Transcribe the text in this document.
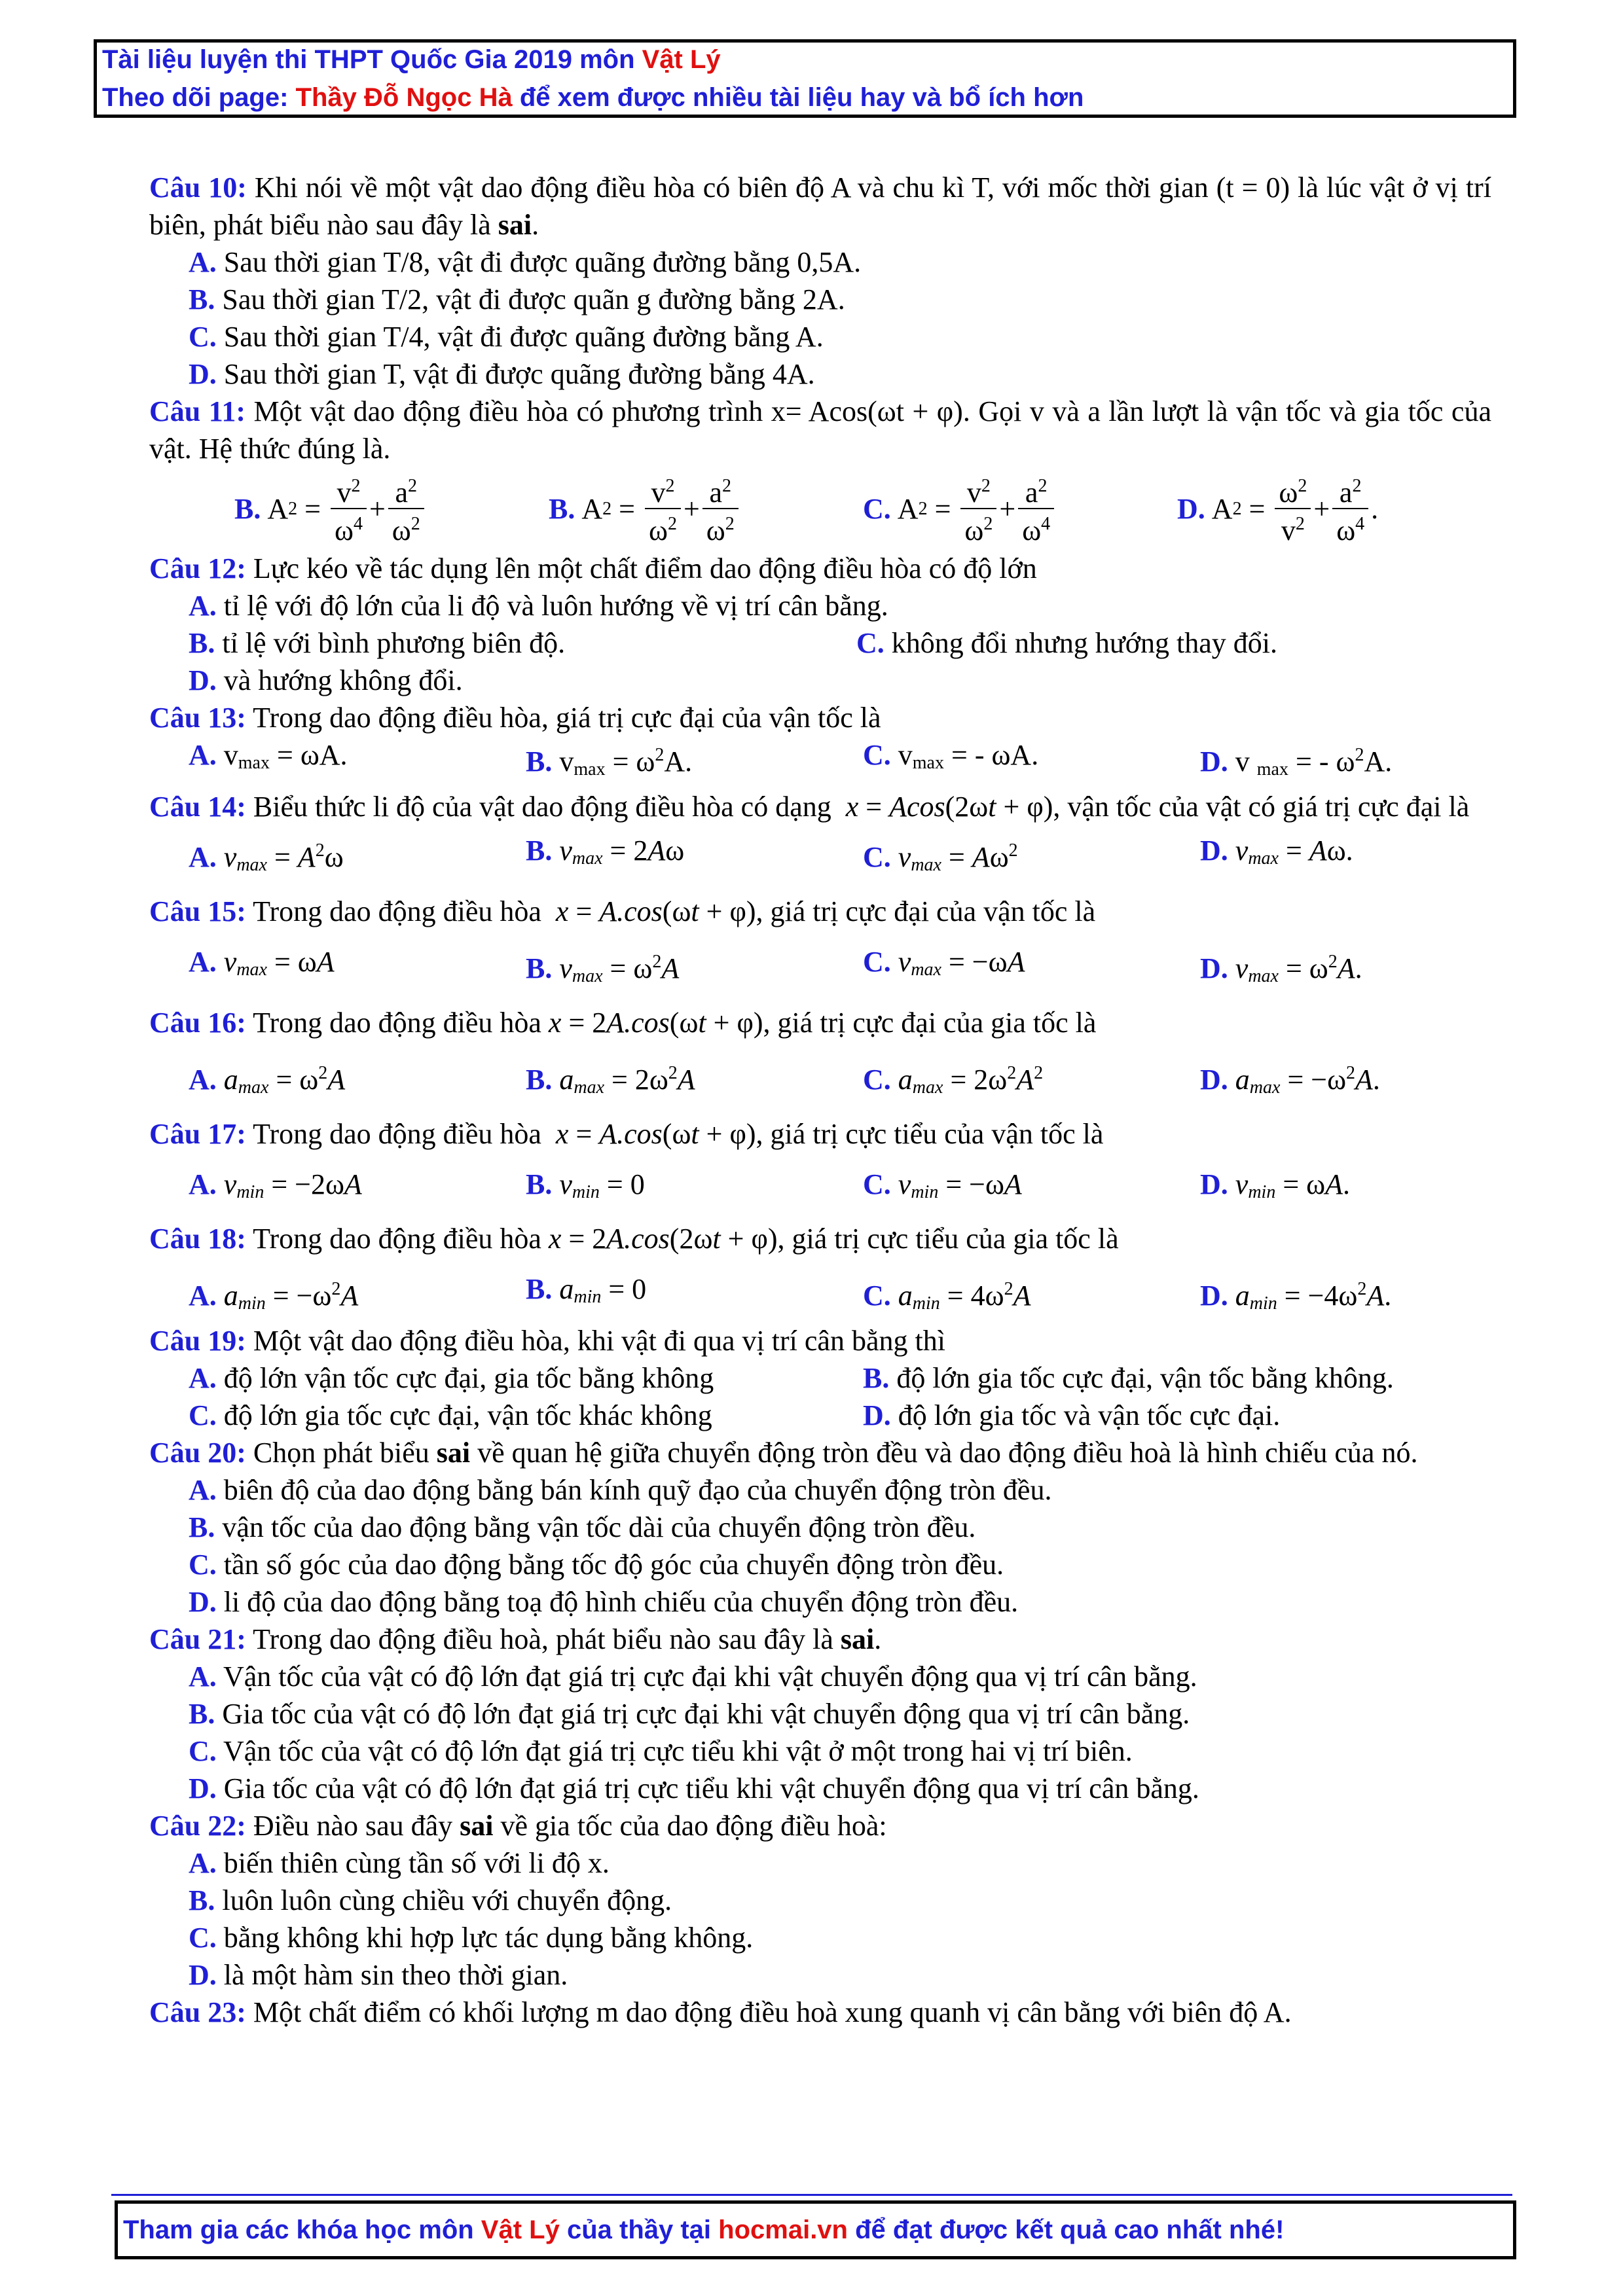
Tài liệu luyện thi THPT Quốc Gia 2019 môn Vật Lý
Theo dõi page: Thầy Đỗ Ngọc Hà để xem được nhiều tài liệu hay và bổ ích hơn

Câu 10: Khi nói về một vật dao động điều hòa có biên độ A và chu kì T, với mốc thời gian (t = 0) là lúc vật ở vị trí biên, phát biểu nào sau đây là sai.

A. Sau thời gian T/8, vật đi được quãng đường bằng 0,5A.

B. Sau thời gian T/2, vật đi được quãn g đường bằng 2A.

C. Sau thời gian T/4, vật đi được quãng đường bằng A.

D. Sau thời gian T, vật đi được quãng đường bằng 4A.

Câu 11: Một vật dao động điều hòa có phương trình x= Acos(ωt + φ). Gọi v và a lần lượt là vận tốc và gia tốc của vật. Hệ thức đúng là.

B. A $2 = \frac{v^2}{\omega^4} + \frac{a^2}{\omega^2}$	B. A $2 = \frac{v^2}{\omega^2} + \frac{a^2}{\omega^2}$	C. A $2 = \frac{v^2}{\omega^2} + \frac{a^2}{\omega^4}$	D. A $2 = \frac{\omega^2}{v^2} + \frac{a^2}{\omega^4}$ .

Câu 12: Lực kéo về tác dụng lên một chất điểm dao động điều hòa có độ lớn

A. tỉ lệ với độ lớn của li độ và luôn hướng về vị trí cân bằng.

B. tỉ lệ với bình phương biên độ.	C. không đổi nhưng hướng thay đổi.

D. và hướng không đổi.

Câu 13: Trong dao động điều hòa, giá trị cực đại của vận tốc là

A. $v_{max} = \omega A$.	B. $v_{max} = \omega^2A$.	C. $v_{max}$ = - ωA.	D. v $_{max}$ = - $\omega^2A$.

Câu 14: Biểu thức li độ của vật dao động điều hòa có dạng x = Acos(2ωt + φ), vận tốc của vật có giá trị cực đại là

A. $v_{max} = A^2\omega$	B. $v_{max} = 2A\omega$	C. $v_{max} = A\omega^2$	D. $v_{max} = A\omega$.

Câu 15: Trong dao động điều hòa x = A.cos(ωt + φ), giá trị cực đại của vận tốc là

A. $v_{max} = \omega A$	B. $v_{max} = \omega^2A$	C. $v_{max} = -\omega A$	D. $v_{max} = \omega^2A$.

Câu 16: Trong dao động điều hòa x = 2A.cos(ωt + φ), giá trị cực đại của gia tốc là

A. $a_{max} = \omega^2A$	B. $a_{max} = 2\omega^2A$	C. $a_{max} = 2\omega^2A^2$	D. $a_{max} = -\omega^2A$.

Câu 17: Trong dao động điều hòa x = A.cos(ωt + φ), giá trị cực tiểu của vận tốc là

A. $v_{min} = -2\omega A$	B. $v_{min} = 0$	C. $v_{min} = -\omega A$	D. $v_{min} = \omega A$.

Câu 18: Trong dao động điều hòa x = 2A.cos(2ωt + φ), giá trị cực tiểu của gia tốc là

A. $a_{min} = -\omega^2A$	B. $a_{min} = 0$	C. $a_{min} = 4\omega^2A$	D. $a_{min} = -4\omega^2A$.

Câu 19: Một vật dao động điều hòa, khi vật đi qua vị trí cân bằng thì

A. độ lớn vận tốc cực đại, gia tốc bằng không	B. độ lớn gia tốc cực đại, vận tốc bằng không.
C. độ lớn gia tốc cực đại, vận tốc khác không	D. độ lớn gia tốc và vận tốc cực đại.

Câu 20: Chọn phát biểu sai về quan hệ giữa chuyển động tròn đều và dao động điều hoà là hình chiếu của nó.

A. biên độ của dao động bằng bán kính quỹ đạo của chuyển động tròn đều.

B. vận tốc của dao động bằng vận tốc dài của chuyển động tròn đều.

C. tần số góc của dao động bằng tốc độ góc của chuyển động tròn đều.

D. li độ của dao động bằng toạ độ hình chiếu của chuyển động tròn đều.

Câu 21: Trong dao động điều hoà, phát biểu nào sau đây là sai.

A. Vận tốc của vật có độ lớn đạt giá trị cực đại khi vật chuyển động qua vị trí cân bằng.

B. Gia tốc của vật có độ lớn đạt giá trị cực đại khi vật chuyển động qua vị trí cân bằng.

C. Vận tốc của vật có độ lớn đạt giá trị cực tiểu khi vật ở một trong hai vị trí biên.

D. Gia tốc của vật có độ lớn đạt giá trị cực tiểu khi vật chuyển động qua vị trí cân bằng.

Câu 22: Điều nào sau đây sai về gia tốc của dao động điều hoà:

A. biến thiên cùng tần số với li độ x.

B. luôn luôn cùng chiều với chuyển động.

C. bằng không khi hợp lực tác dụng bằng không.

D. là một hàm sin theo thời gian.

Câu 23: Một chất điểm có khối lượng m dao động điều hoà xung quanh vị cân bằng với biên độ A.

Tham gia các khóa học môn Vật Lý của thầy tại hocmai.vn để đạt được kết quả cao nhất nhé!
